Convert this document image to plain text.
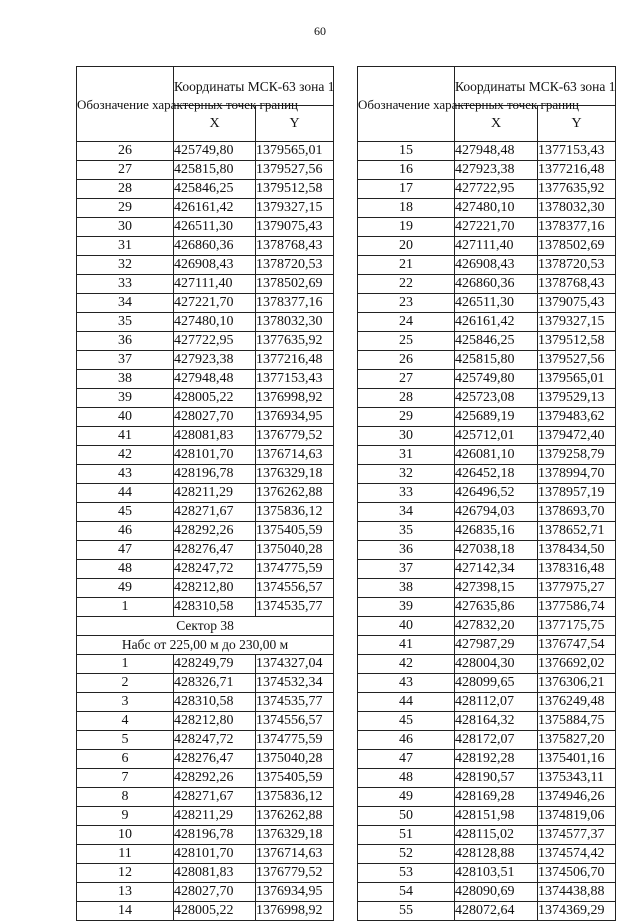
60
Обозначение характерных точек границ	Координаты МСК-63 зона 1	
	X	Y
26	425749,80	1379565,01
27	425815,80	1379527,56
28	425846,25	1379512,58
29	426161,42	1379327,15
30	426511,30	1379075,43
31	426860,36	1378768,43
32	426908,43	1378720,53
33	427111,40	1378502,69
34	427221,70	1378377,16
35	427480,10	1378032,30
36	427722,95	1377635,92
37	427923,38	1377216,48
38	427948,48	1377153,43
39	428005,22	1376998,92
40	428027,70	1376934,95
41	428081,83	1376779,52
42	428101,70	1376714,63
43	428196,78	1376329,18
44	428211,29	1376262,88
45	428271,67	1375836,12
46	428292,26	1375405,59
47	428276,47	1375040,28
48	428247,72	1374775,59
49	428212,80	1374556,57
1	428310,58	1374535,77
Сектор 38		
Набс от 225,00 м до 230,00 м		
1	428249,79	1374327,04
2	428326,71	1374532,34
3	428310,58	1374535,77
4	428212,80	1374556,57
5	428247,72	1374775,59
6	428276,47	1375040,28
7	428292,26	1375405,59
8	428271,67	1375836,12
9	428211,29	1376262,88
10	428196,78	1376329,18
11	428101,70	1376714,63
12	428081,83	1376779,52
13	428027,70	1376934,95
14	428005,22	1376998,92
Обозначение характерных точек границ	Координаты МСК-63 зона 1	
	X	Y
15	427948,48	1377153,43
16	427923,38	1377216,48
17	427722,95	1377635,92
18	427480,10	1378032,30
19	427221,70	1378377,16
20	427111,40	1378502,69
21	426908,43	1378720,53
22	426860,36	1378768,43
23	426511,30	1379075,43
24	426161,42	1379327,15
25	425846,25	1379512,58
26	425815,80	1379527,56
27	425749,80	1379565,01
28	425723,08	1379529,13
29	425689,19	1379483,62
30	425712,01	1379472,40
31	426081,10	1379258,79
32	426452,18	1378994,70
33	426496,52	1378957,19
34	426794,03	1378693,70
35	426835,16	1378652,71
36	427038,18	1378434,50
37	427142,34	1378316,48
38	427398,15	1377975,27
39	427635,86	1377586,74
40	427832,20	1377175,75
41	427987,29	1376747,54
42	428004,30	1376692,02
43	428099,65	1376306,21
44	428112,07	1376249,48
45	428164,32	1375884,75
46	428172,07	1375827,20
47	428192,28	1375401,16
48	428190,57	1375343,11
49	428169,28	1374946,26
50	428151,98	1374819,06
51	428115,02	1374577,37
52	428128,88	1374574,42
53	428103,51	1374506,70
54	428090,69	1374438,88
55	428072,64	1374369,29
